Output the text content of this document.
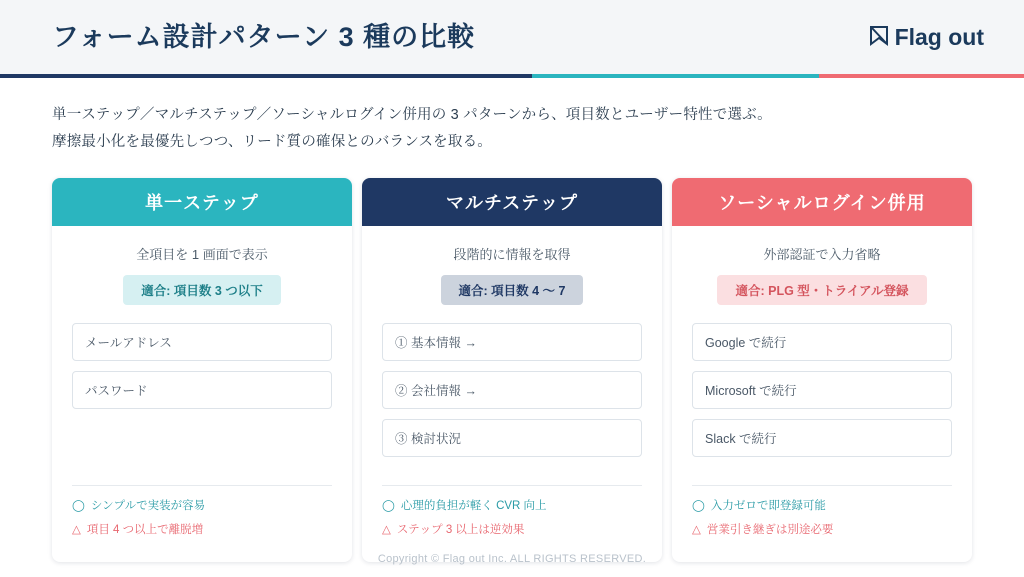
フォーム設計パターン 3 種の比較	Flag out
単一ステップ／マルチステップ／ソーシャルログイン併用の 3 パターンから、項目数とユーザー特性で選ぶ。
摩擦最小化を最優先しつつ、リード質の確保とのバランスを取る。
単一ステップ
全項目を 1 画面で表示
適合: 項目数 3 つ以下
メールアドレス
パスワード
◯ シンプルで実装が容易
△ 項目 4 つ以上で離脱増
マルチステップ
段階的に情報を取得
適合: 項目数 4 〜 7
① 基本情報 →
② 会社情報 →
③ 検討状況
◯ 心理的負担が軽く CVR 向上
△ ステップ 3 以上は逆効果
ソーシャルログイン併用
外部認証で入力省略
適合: PLG 型・トライアル登録
Google で続行
Microsoft で続行
Slack で続行
◯ 入力ゼロで即登録可能
△ 営業引き継ぎは別途必要
Copyright © Flag out Inc. ALL RIGHTS RESERVED.
